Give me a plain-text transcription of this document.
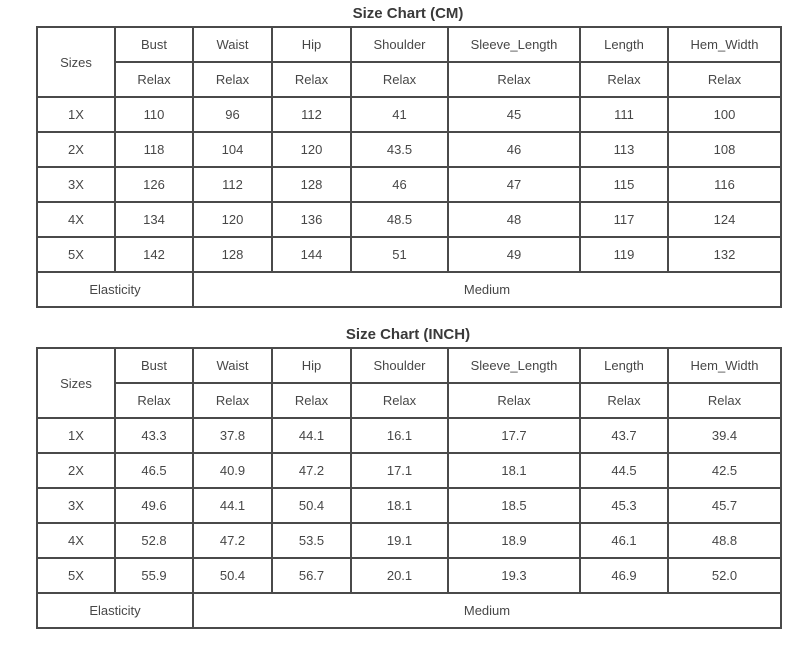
Size Chart (CM)
Sizes	Bust	Waist	Hip	Shoulder	Sleeve_Length	Length	Hem_Width
	Relax	Relax	Relax	Relax	Relax	Relax	Relax
1X	110	96	112	41	45	111	100
2X	118	104	120	43.5	46	113	108
3X	126	112	128	46	47	115	116
4X	134	120	136	48.5	48	117	124
5X	142	128	144	51	49	119	132
Elasticity		Medium					
Size Chart (INCH)
Sizes	Bust	Waist	Hip	Shoulder	Sleeve_Length	Length	Hem_Width
	Relax	Relax	Relax	Relax	Relax	Relax	Relax
1X	43.3	37.8	44.1	16.1	17.7	43.7	39.4
2X	46.5	40.9	47.2	17.1	18.1	44.5	42.5
3X	49.6	44.1	50.4	18.1	18.5	45.3	45.7
4X	52.8	47.2	53.5	19.1	18.9	46.1	48.8
5X	55.9	50.4	56.7	20.1	19.3	46.9	52.0
Elasticity		Medium					
